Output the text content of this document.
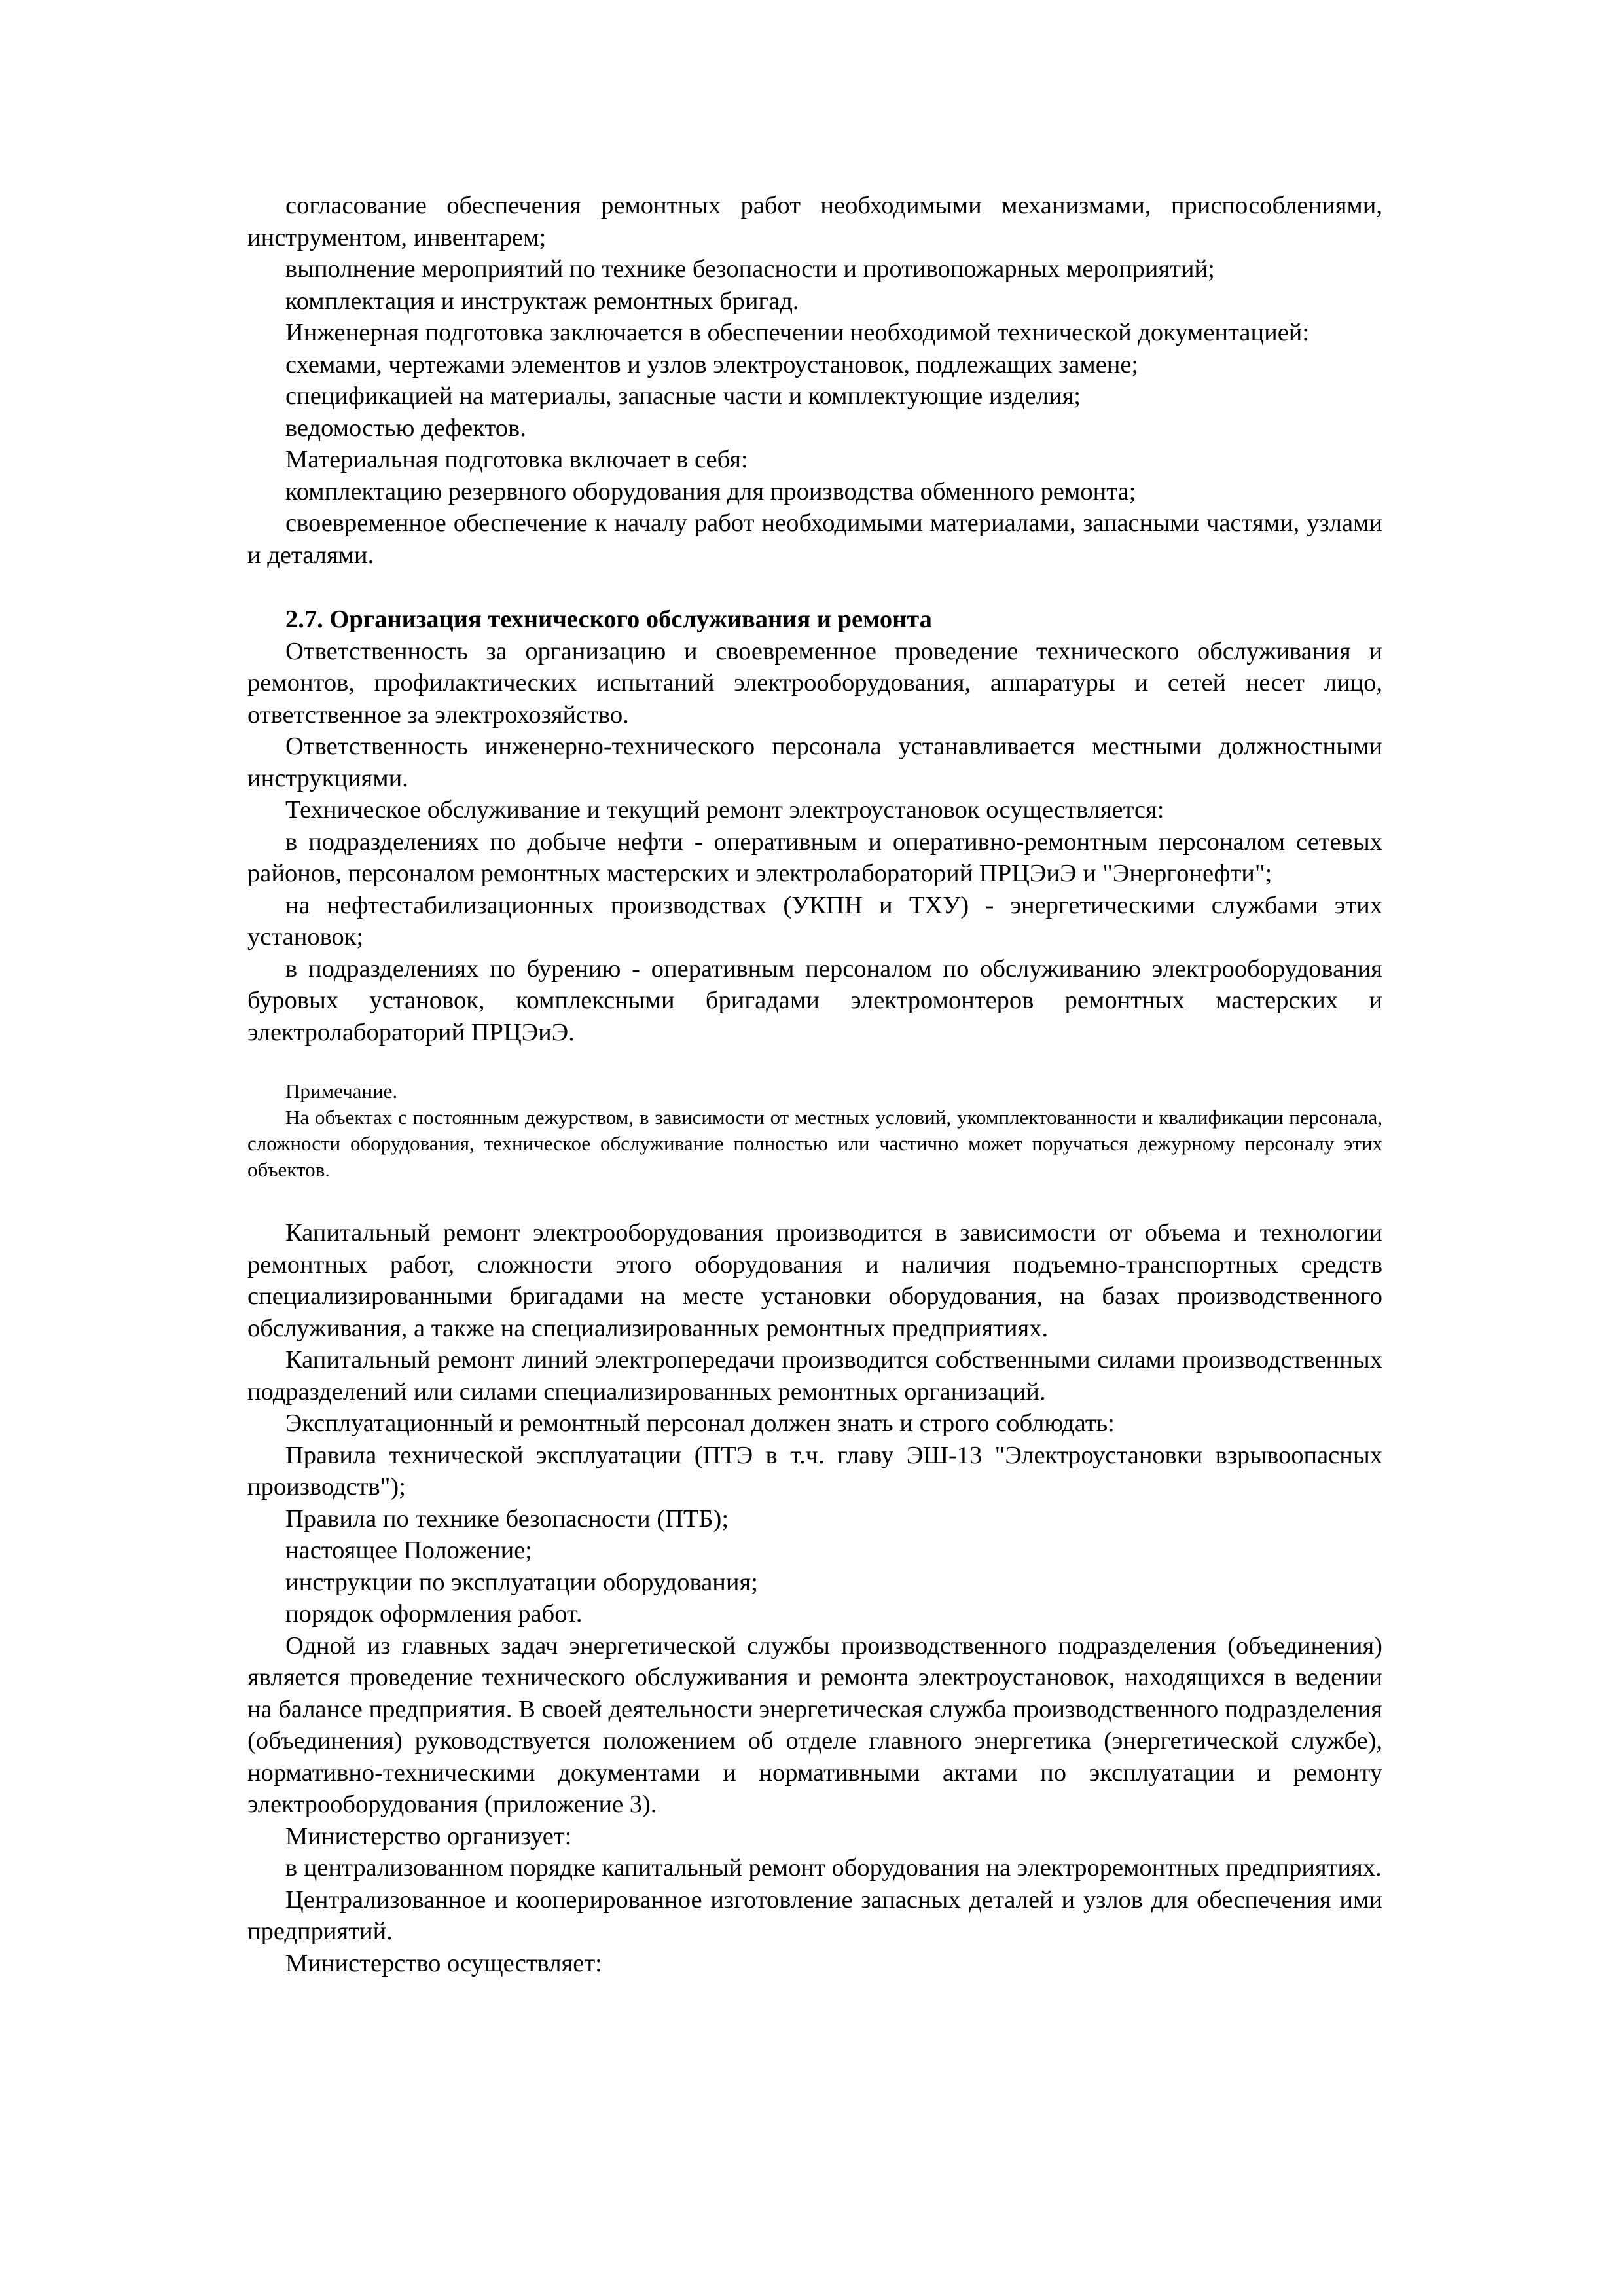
согласование обеспечения ремонтных работ необходимыми механизмами, приспособлениями, инструментом, инвентарем;

выполнение мероприятий по технике безопасности и противопожарных мероприятий;

комплектация и инструктаж ремонтных бригад.

Инженерная подготовка заключается в обеспечении необходимой технической документацией:

схемами, чертежами элементов и узлов электроустановок, подлежащих замене;

спецификацией на материалы, запасные части и комплектующие изделия;

ведомостью дефектов.

Материальная подготовка включает в себя:

комплектацию резервного оборудования для производства обменного ремонта;

своевременное обеспечение к началу работ необходимыми материалами, запасными частями, узлами и деталями.

2.7. Организация технического обслуживания и ремонта

Ответственность за организацию и своевременное проведение технического обслуживания и ремонтов, профилактических испытаний электрооборудования, аппаратуры и сетей несет лицо, ответственное за электрохозяйство.

Ответственность инженерно-технического персонала устанавливается местными должностными инструкциями.

Техническое обслуживание и текущий ремонт электроустановок осуществляется:

в подразделениях по добыче нефти - оперативным и оперативно-ремонтным персоналом сетевых районов, персоналом ремонтных мастерских и электролабораторий ПРЦЭиЭ и "Энергонефти";

на нефтестабилизационных производствах (УКПН и ТХУ) - энергетическими службами этих установок;

в подразделениях по бурению - оперативным персоналом по обслуживанию электрооборудования буровых установок, комплексными бригадами электромонтеров ремонтных мастерских и электролабораторий ПРЦЭиЭ.

Примечание.

На объектах с постоянным дежурством, в зависимости от местных условий, укомплектованности и квалификации персонала, сложности оборудования, техническое обслуживание полностью или частично может поручаться дежурному персоналу этих объектов.

Капитальный ремонт электрооборудования производится в зависимости от объема и технологии ремонтных работ, сложности этого оборудования и наличия подъемно-транспортных средств специализированными бригадами на месте установки оборудования, на базах производственного обслуживания, а также на специализированных ремонтных предприятиях.

Капитальный ремонт линий электропередачи производится собственными силами производственных подразделений или силами специализированных ремонтных организаций.

Эксплуатационный и ремонтный персонал должен знать и строго соблюдать:

Правила технической эксплуатации (ПТЭ в т.ч. главу ЭШ-13 "Электроустановки взрывоопасных производств");

Правила по технике безопасности (ПТБ);

настоящее Положение;

инструкции по эксплуатации оборудования;

порядок оформления работ.

Одной из главных задач энергетической службы производственного подразделения (объединения) является проведение технического обслуживания и ремонта электроустановок, находящихся в ведении на балансе предприятия. В своей деятельности энергетическая служба производственного подразделения (объединения) руководствуется положением об отделе главного энергетика (энергетической службе), нормативно-техническими документами и нормативными актами по эксплуатации и ремонту электрооборудования (приложение 3).

Министерство организует:

в централизованном порядке капитальный ремонт оборудования на электроремонтных предприятиях.

Централизованное и кооперированное изготовление запасных деталей и узлов для обеспечения ими предприятий.

Министерство осуществляет:
